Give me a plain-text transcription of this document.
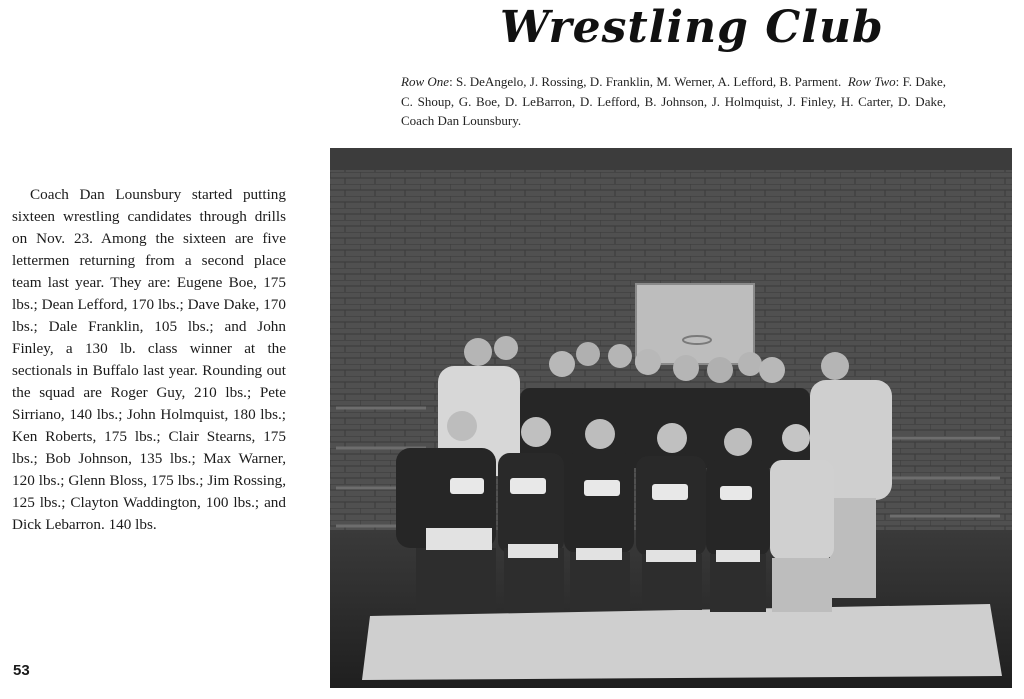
Wrestling Club
Row One: S. DeAngelo, J. Rossing, D. Franklin, M. Werner, A. Lefford, B. Parment. Row Two: F. Dake, C. Shoup, G. Boe, D. LeBarron, D. Lefford, B. Johnson, J. Holmquist, J. Finley, H. Carter, D. Dake, Coach Dan Lounsbury.
Coach Dan Lounsbury started putting sixteen wrestling candidates through drills on Nov. 23. Among the sixteen are five lettermen returning from a second place team last year. They are: Eugene Boe, 175 lbs.; Dean Lefford, 170 lbs.; Dave Dake, 170 lbs.; Dale Franklin, 105 lbs.; and John Finley, a 130 lb. class winner at the sectionals in Buffalo last year. Rounding out the squad are Roger Guy, 210 lbs.; Pete Sirriano, 140 lbs.; John Holmquist, 180 lbs.; Ken Roberts, 175 lbs.; Clair Stearns, 175 lbs.; Bob Johnson, 135 lbs.; Max Warner, 120 lbs.; Glenn Bloss, 175 lbs.; Jim Rossing, 125 lbs.; Clayton Waddington, 100 lbs.; and Dick Lebarron. 140 lbs.
53
